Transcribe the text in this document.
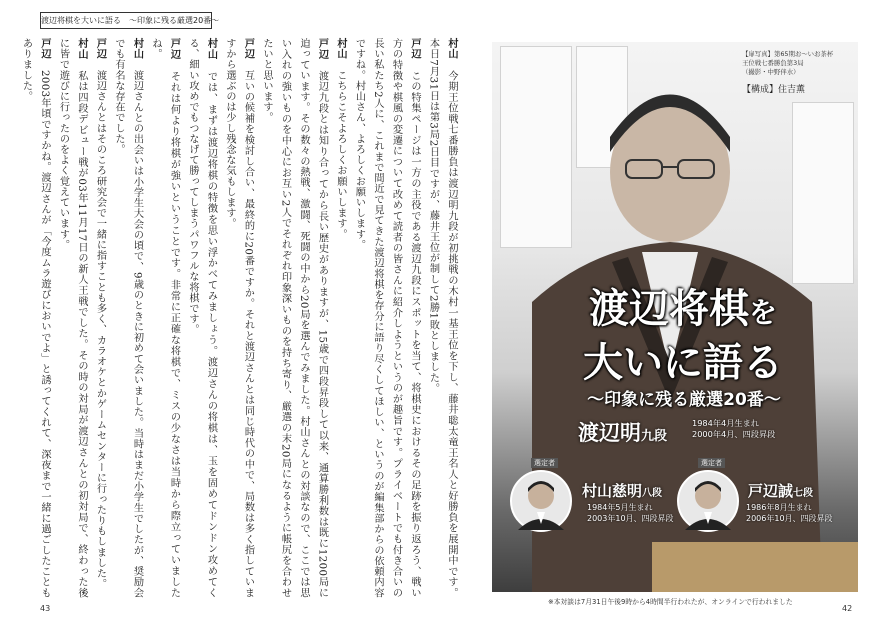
渡辺将棋を大いに語る　〜印象に残る厳選20番〜
43	42

村山　今期王位戦七番勝負は渡辺明九段が初挑戦の木村一基王位を下し、藤井聡太竜王名人と好勝負を展開中です。本日7月31日は第3局2日目ですが、藤井王位が制して2勝1敗としました。

戸辺　この特集ページは一方の主役である渡辺九段にスポットを当て、将棋史におけるその足跡を振り返ろう、戦い方の特徴や棋風の変遷について改めて読者の皆さんに紹介しようというのが趣旨です。プライベートでも付き合いの長い私たち2人に、これまで間近で見てきた渡辺将棋を存分に語り尽くしてほしい、というのが編集部からの依頼内容ですね。村山さん、よろしくお願いします。

村山　こちらこそよろしくお願いします。

戸辺　渡辺九段とは知り合ってから長い歴史がありますが、15歳で四段昇段して以来、通算勝利数は既に1200局に迫っています。その数々の熱戦、激闘、死闘の中から20局を選んでみました。村山さんとの対談なので、ここでは思い入れの強いものを中心にお互い2人でそれぞれ印象深いものを持ち寄り、厳選の末20局になるように帳尻を合わせたいと思います。

戸辺　互いの候補を検討し合い、最終的に20番ですか。それと渡辺さんとは同じ時代の中で、局数は多く指していますから選ぶのは少し残念な気もします。

村山　では、まずは渡辺将棋の特徴を思い浮かべてみましょう。渡辺さんの将棋は、玉を固めてドンドン攻めてくる、細い攻めでもつなげて勝ってしまうパワフルな将棋です。

戸辺　それは何より将棋が強いということです。非常に正確な将棋で、ミスの少なさは当時から際立っていましたね。

村山　渡辺さんとの出会いは小学生大会の頃で、9歳のときに初めて会いました。当時はまだ小学生でしたが、奨励会でも有名な存在でした。

戸辺　渡辺さんとはそのころ研究会で一緒に指すことも多く、カラオケとかゲームセンターに行ったりもしました。

村山　私は四段デビュー戦が03年11月17日の新人王戦でした。その時の対局が渡辺さんとの初対局で、終わった後に皆で遊びに行ったのをよく覚えています。

戸辺　2003年頃ですかね。渡辺さんが「今度ムラ遊びにおいでよ」と誘ってくれて、深夜まで一緒に過ごしたこともありました。	【扉写真】第65期お〜いお茶杯
王位戦七番勝負第3局
（撮影・中野伴水）
【構成】住吉薫
渡辺将棋を
大いに語る
〜印象に残る厳選20番〜
渡辺明九段
1984年4月生まれ
2000年4月、四段昇段
選定者
村山慈明八段
1984年5月生まれ
2003年10月、四段昇段
選定者
戸辺誠七段
1986年8月生まれ
2006年10月、四段昇段
※本対談は7月31日午後9時から4時間半行われたが、オンラインで行われました
